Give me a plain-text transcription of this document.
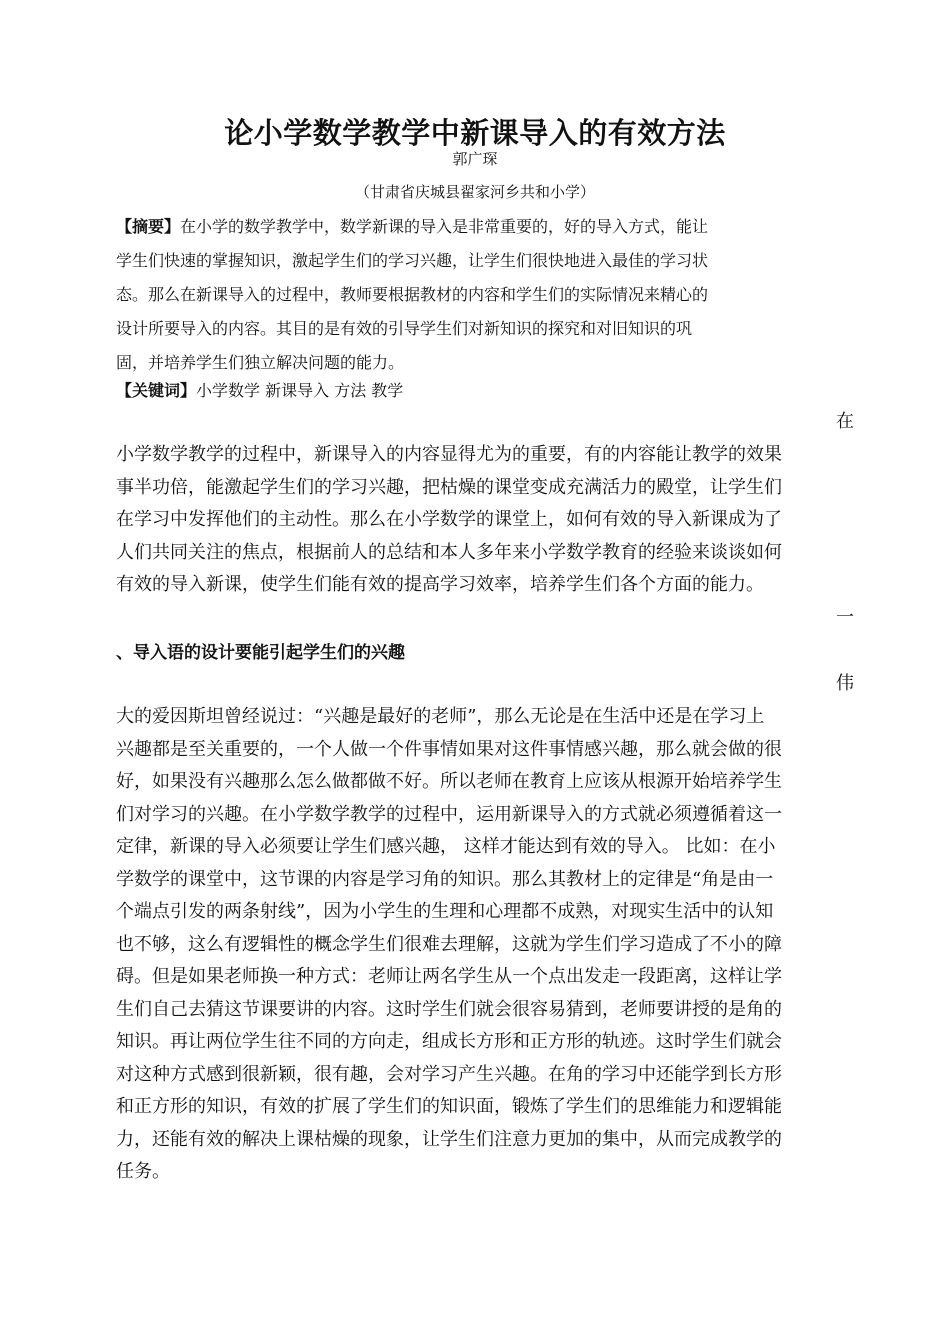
论小学数学教学中新课导入的有效方法
郭广琛
（甘肃省庆城县翟家河乡共和小学）
【摘要】在小学的数学教学中，数学新课的导入是非常重要的，好的导入方式，能让
学生们快速的掌握知识，激起学生们的学习兴趣，让学生们很快地进入最佳的学习状
态。那么在新课导入的过程中，教师要根据教材的内容和学生们的实际情况来精心的
设计所要导入的内容。其目的是有效的引导学生们对新知识的探究和对旧知识的巩
固，并培养学生们独立解决问题的能力。
【关键词】小学数学 新课导入 方法 教学
在
小学数学教学的过程中，新课导入的内容显得尤为的重要，有的内容能让教学的效果
事半功倍，能激起学生们的学习兴趣，把枯燥的课堂变成充满活力的殿堂，让学生们
在学习中发挥他们的主动性。那么在小学数学的课堂上，如何有效的导入新课成为了
人们共同关注的焦点，根据前人的总结和本人多年来小学数学教育的经验来谈谈如何
有效的导入新课，使学生们能有效的提高学习效率，培养学生们各个方面的能力。
一
、导入语的设计要能引起学生们的兴趣
伟
大的爱因斯坦曾经说过：“兴趣是最好的老师”，那么无论是在生活中还是在学习上
兴趣都是至关重要的，一个人做一个件事情如果对这件事情感兴趣，那么就会做的很
好，如果没有兴趣那么怎么做都做不好。所以老师在教育上应该从根源开始培养学生
们对学习的兴趣。在小学数学教学的过程中，运用新课导入的方式就必须遵循着这一
定律，新课的导入必须要让学生们感兴趣， 这样才能达到有效的导入。 比如：在小
学数学的课堂中，这节课的内容是学习角的知识。那么其教材上的定律是“角是由一
个端点引发的两条射线”，因为小学生的生理和心理都不成熟，对现实生活中的认知
也不够，这么有逻辑性的概念学生们很难去理解，这就为学生们学习造成了不小的障
碍。但是如果老师换一种方式：老师让两名学生从一个点出发走一段距离，这样让学
生们自己去猜这节课要讲的内容。这时学生们就会很容易猜到，老师要讲授的是角的
知识。再让两位学生往不同的方向走，组成长方形和正方形的轨迹。这时学生们就会
对这种方式感到很新颖，很有趣，会对学习产生兴趣。在角的学习中还能学到长方形
和正方形的知识，有效的扩展了学生们的知识面，锻炼了学生们的思维能力和逻辑能
力，还能有效的解决上课枯燥的现象，让学生们注意力更加的集中，从而完成教学的
任务。
